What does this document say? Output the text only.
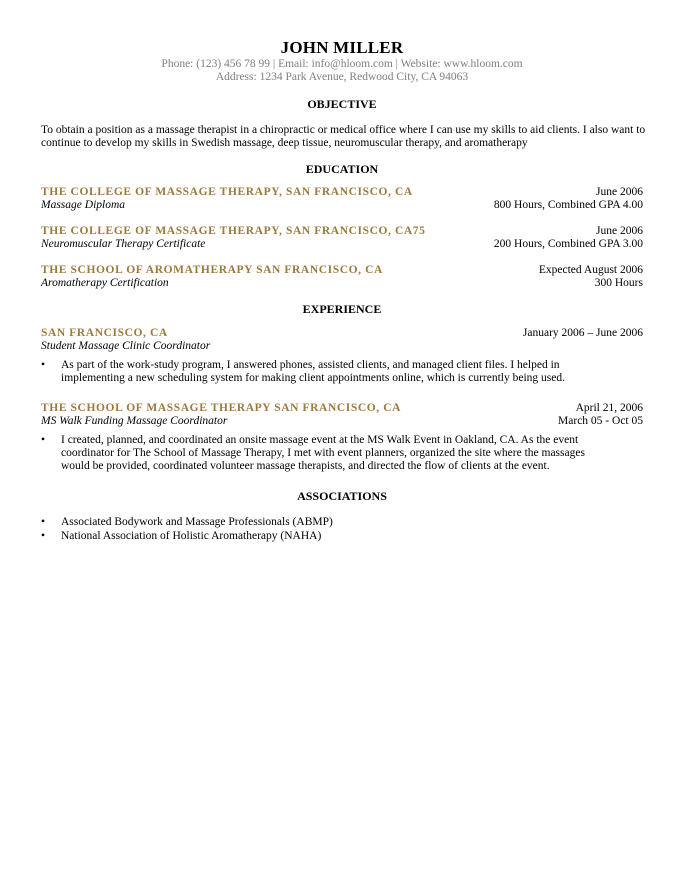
JOHN MILLER
Phone: (123) 456 78 99 | Email: info@hloom.com | Website: www.hloom.com
Address: 1234 Park Avenue, Redwood City, CA 94063
OBJECTIVE
To obtain a position as a massage therapist in a chiropractic or medical office where I can use my skills to aid clients. I also want to continue to develop my skills in Swedish massage, deep tissue, neuromuscular therapy, and aromatherapy
EDUCATION
THE COLLEGE OF MASSAGE THERAPY, SAN FRANCISCO, CA	June 2006
Massage Diploma	800 Hours, Combined GPA 4.00
THE COLLEGE OF MASSAGE THERAPY, SAN FRANCISCO, CA75	June 2006
Neuromuscular Therapy Certificate	200 Hours, Combined GPA 3.00
THE SCHOOL OF AROMATHERAPY SAN FRANCISCO, CA	Expected August 2006
Aromatherapy Certification	300 Hours
EXPERIENCE
SAN FRANCISCO, CA	January 2006 – June 2006
Student Massage Clinic Coordinator
• As part of the work-study program, I answered phones, assisted clients, and managed client files. I helped in implementing a new scheduling system for making client appointments online, which is currently being used.
THE SCHOOL OF MASSAGE THERAPY SAN FRANCISCO, CA	April 21, 2006
MS Walk Funding Massage Coordinator	March 05 - Oct 05
• I created, planned, and coordinated an onsite massage event at the MS Walk Event in Oakland, CA. As the event coordinator for The School of Massage Therapy, I met with event planners, organized the site where the massages would be provided, coordinated volunteer massage therapists, and directed the flow of clients at the event.
ASSOCIATIONS
• Associated Bodywork and Massage Professionals (ABMP)
• National Association of Holistic Aromatherapy (NAHA)
